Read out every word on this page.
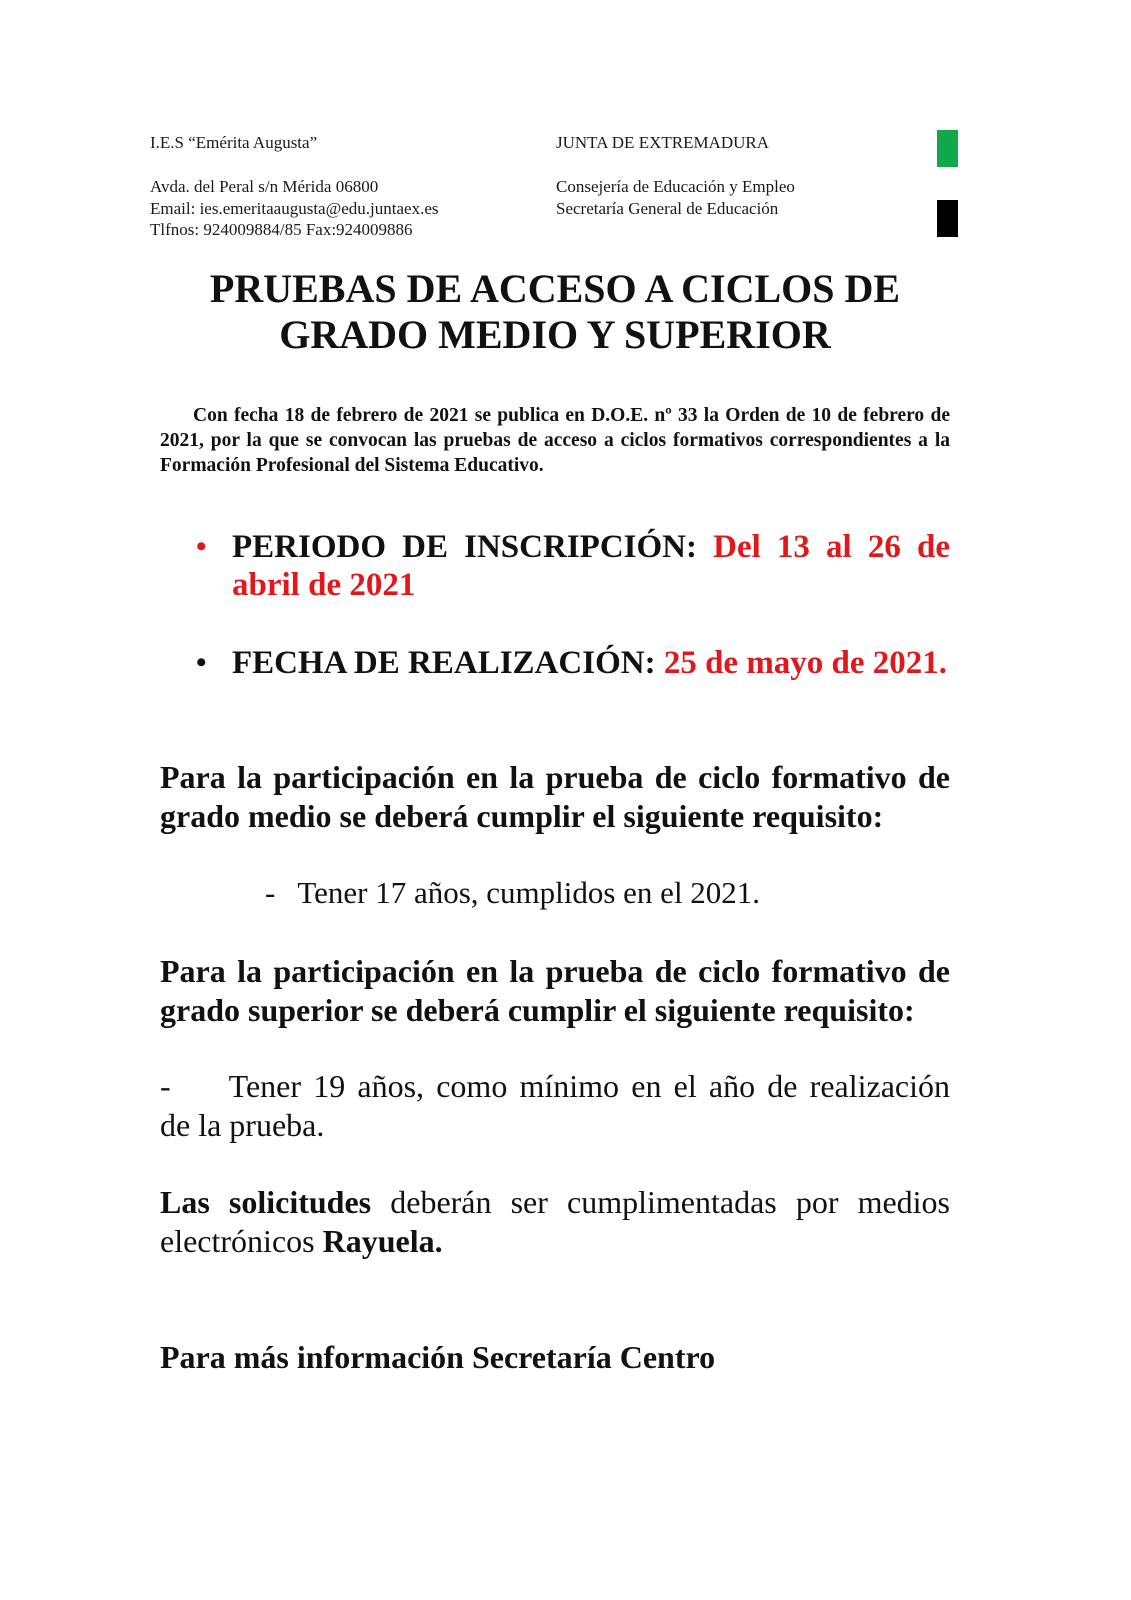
I.E.S “Emérita Augusta”
Avda. del Peral s/n Mérida 06800
Email: ies.emeritaaugusta@edu.juntaex.es
Tlfnos: 924009884/85 Fax:924009886
JUNTA DE EXTREMADURA
Consejería de Educación y Empleo
Secretaría General de Educación
PRUEBAS DE ACCESO A CICLOS DE
GRADO MEDIO Y SUPERIOR
Con fecha 18 de febrero de 2021 se publica en D.O.E. nº 33 la Orden de 10 de febrero de 2021, por la que se convocan las pruebas de acceso a ciclos formativos correspondientes a la Formación Profesional del Sistema Educativo.
• PERIODO DE INSCRIPCIÓN: Del 13 al 26 de abril de 2021
• FECHA DE REALIZACIÓN: 25 de mayo de 2021.
Para la participación en la prueba de ciclo formativo de grado medio se deberá cumplir el siguiente requisito:
- Tener 17 años, cumplidos en el 2021.
Para la participación en la prueba de ciclo formativo de grado superior se deberá cumplir el siguiente requisito:
- Tener 19 años, como mínimo en el año de realización de la prueba.
Las solicitudes deberán ser cumplimentadas por medios electrónicos Rayuela.
Para más información Secretaría Centro
